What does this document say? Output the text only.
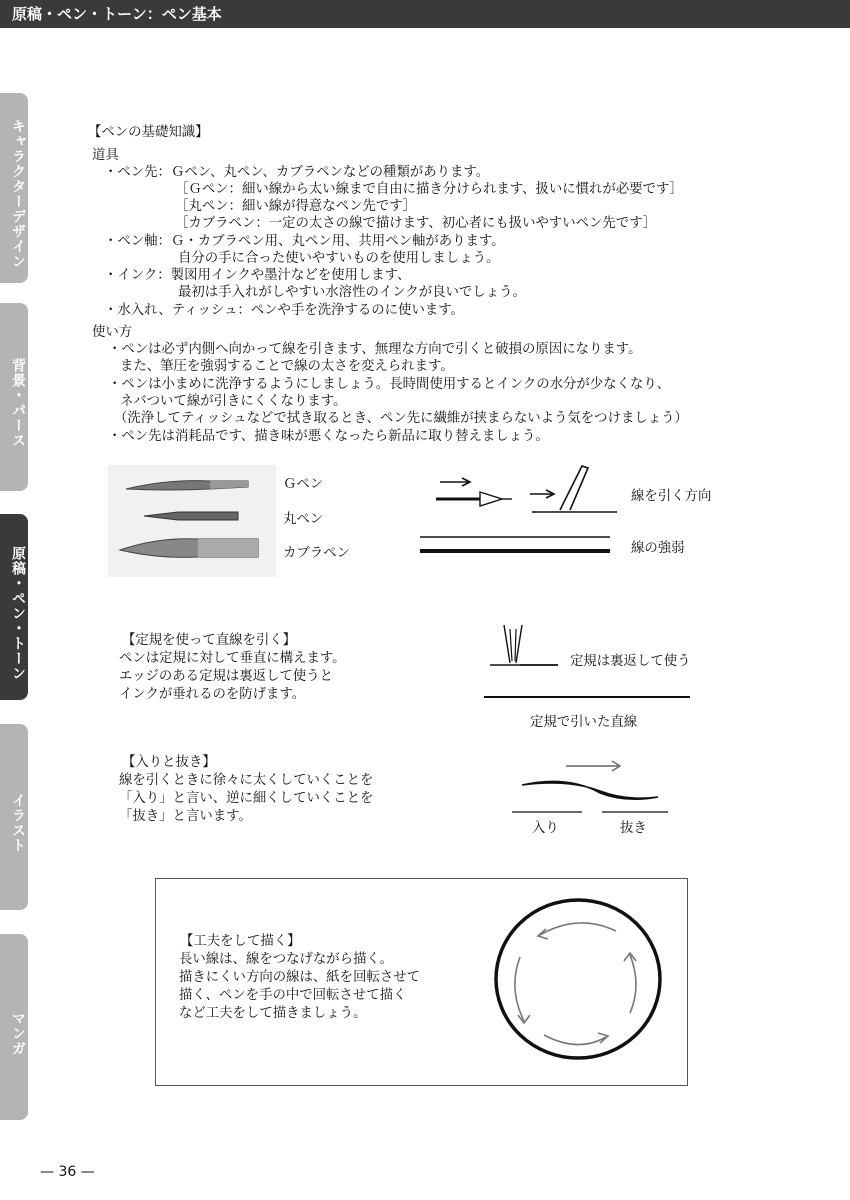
原稿・ペン・トーン：ペン基本
キャラクターデザイン
背景・パース
原稿・ペン・トーン
イラスト
マンガ
【ペンの基礎知識】
道具
・ペン先：Ｇペン、丸ペン、カブラペンなどの種類があります。
［Ｇペン：細い線から太い線まで自由に描き分けられます、扱いに慣れが必要です］
［丸ペン：細い線が得意なペン先です］
［カブラペン：一定の太さの線で描けます、初心者にも扱いやすいペン先です］
・ペン軸：Ｇ・カブラペン用、丸ペン用、共用ペン軸があります。
自分の手に合った使いやすいものを使用しましょう。
・インク：製図用インクや墨汁などを使用します、
最初は手入れがしやすい水溶性のインクが良いでしょう。
・水入れ、ティッシュ：ペンや手を洗浄するのに使います。
使い方
・ペンは必ず内側へ向かって線を引きます、無理な方向で引くと破損の原因になります。
また、筆圧を強弱することで線の太さを変えられます。
・ペンは小まめに洗浄するようにしましょう。長時間使用するとインクの水分が少なくなり、
ネバついて線が引きにくくなります。
（洗浄してティッシュなどで拭き取るとき、ペン先に繊維が挟まらないよう気をつけましょう）
・ペン先は消耗品です、描き味が悪くなったら新品に取り替えましょう。
Ｇペン
丸ペン
カブラペン
線を引く方向
線の強弱
【定規を使って直線を引く】
ペンは定規に対して垂直に構えます。
エッジのある定規は裏返して使うと
インクが垂れるのを防げます。
定規は裏返して使う
定規で引いた直線
【入りと抜き】
線を引くときに徐々に太くしていくことを
「入り」と言い、逆に細くしていくことを
「抜き」と言います。
入り	抜き
【工夫をして描く】
長い線は、線をつなげながら描く。
描きにくい方向の線は、紙を回転させて
描く、ペンを手の中で回転させて描く
など工夫をして描きましょう。
— 36 —
